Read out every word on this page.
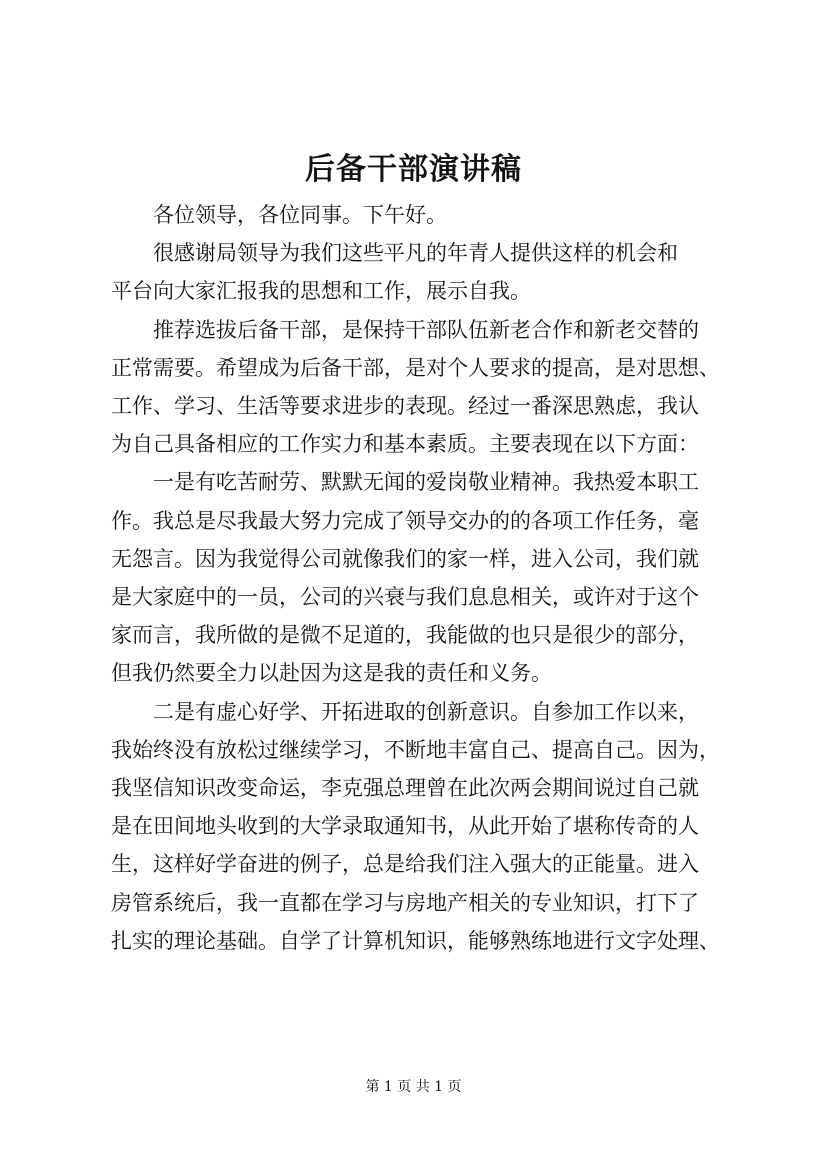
后备干部演讲稿
各位领导，各位同事。下午好。
很感谢局领导为我们这些平凡的年青人提供这样的机会和
平台向大家汇报我的思想和工作，展示自我。
推荐选拔后备干部，是保持干部队伍新老合作和新老交替的
正常需要。希望成为后备干部，是对个人要求的提高，是对思想、
工作、学习、生活等要求进步的表现。经过一番深思熟虑，我认
为自己具备相应的工作实力和基本素质。主要表现在以下方面：
一是有吃苦耐劳、默默无闻的爱岗敬业精神。我热爱本职工
作。我总是尽我最大努力完成了领导交办的的各项工作任务，毫
无怨言。因为我觉得公司就像我们的家一样，进入公司，我们就
是大家庭中的一员，公司的兴衰与我们息息相关，或许对于这个
家而言，我所做的是微不足道的，我能做的也只是很少的部分，
但我仍然要全力以赴因为这是我的责任和义务。
二是有虚心好学、开拓进取的创新意识。自参加工作以来，
我始终没有放松过继续学习，不断地丰富自己、提高自己。因为，
我坚信知识改变命运，李克强总理曾在此次两会期间说过自己就
是在田间地头收到的大学录取通知书，从此开始了堪称传奇的人
生，这样好学奋进的例子，总是给我们注入强大的正能量。进入
房管系统后，我一直都在学习与房地产相关的专业知识，打下了
扎实的理论基础。自学了计算机知识，能够熟练地进行文字处理、
第 1 页 共 1 页
